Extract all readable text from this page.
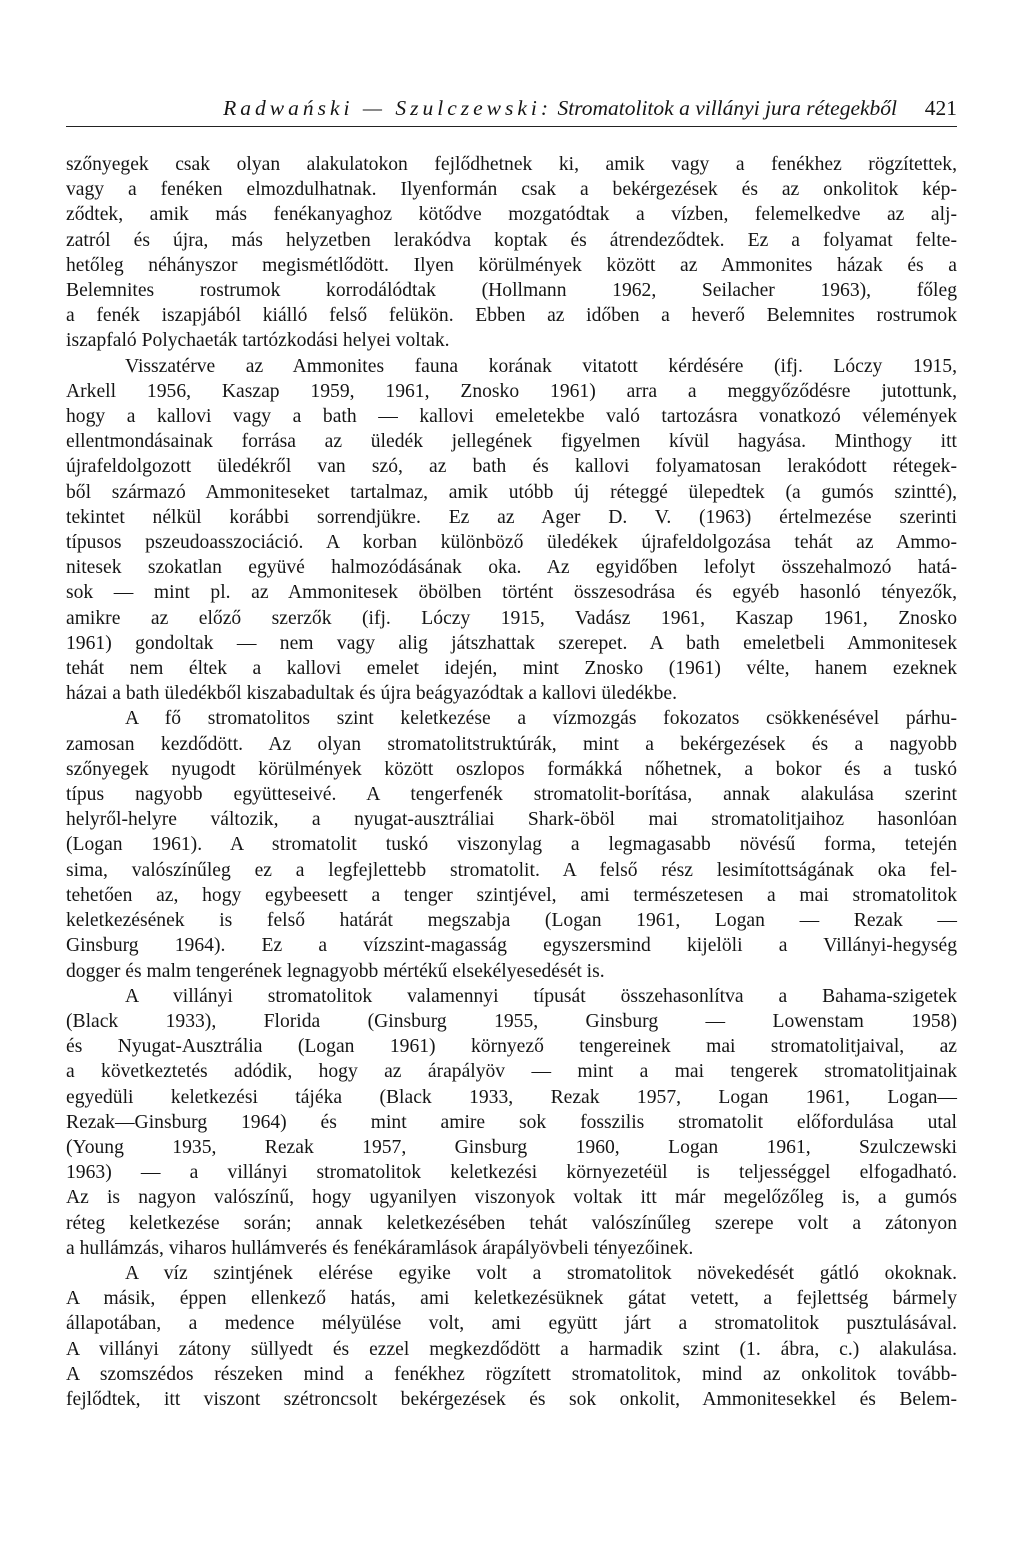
Radwański — Szulczewski: Stromatolitok a villányi jura rétegekből 421

szőnyegek csak olyan alakulatokon fejlődhetnek ki, amik vagy a fenékhez rögzítettek,
vagy a fenéken elmozdulhatnak. Ilyenformán csak a bekérgezések és az onkolitok kép-
ződtek, amik más fenékanyaghoz kötődve mozgatódtak a vízben, felemelkedve az alj-
zatról és újra, más helyzetben lerakódva koptak és átrendeződtek. Ez a folyamat felte-
hetőleg néhányszor megismétlődött. Ilyen körülmények között az Ammonites házak és a
Belemnites rostrumok korrodálódtak (Hollmann 1962, Seilacher 1963), főleg
a fenék iszapjából kiálló felső felükön. Ebben az időben a heverő Belemnites rostrumok
iszapfaló Polychaeták tartózkodási helyei voltak.

Visszatérve az Ammonites fauna korának vitatott kérdésére (ifj. Lóczy 1915,
Arkell 1956, Kaszap 1959, 1961, Znosko 1961) arra a meggyőződésre jutottunk,
hogy a kallovi vagy a bath — kallovi emeletekbe való tartozásra vonatkozó vélemények
ellentmondásainak forrása az üledék jellegének figyelmen kívül hagyása. Minthogy itt
újrafeldolgozott üledékről van szó, az bath és kallovi folyamatosan lerakódott rétegek-
ből származó Ammoniteseket tartalmaz, amik utóbb új réteggé ülepedtek (a gumós szintté),
tekintet nélkül korábbi sorrendjükre. Ez az Ager D. V. (1963) értelmezése szerinti
típusos pszeudoasszociáció. A korban különböző üledékek újrafeldolgozása tehát az Ammo-
nitesek szokatlan együvé halmozódásának oka. Az egyidőben lefolyt összehalmozó hatá-
sok — mint pl. az Ammonitesek öbölben történt összesodrása és egyéb hasonló tényezők,
amikre az előző szerzők (ifj. Lóczy 1915, Vadász 1961, Kaszap 1961, Znosko
1961) gondoltak — nem vagy alig játszhattak szerepet. A bath emeletbeli Ammonitesek
tehát nem éltek a kallovi emelet idején, mint Znosko (1961) vélte, hanem ezeknek
házai a bath üledékből kiszabadultak és újra beágyazódtak a kallovi üledékbe.

A fő stromatolitos szint keletkezése a vízmozgás fokozatos csökkenésével párhu-
zamosan kezdődött. Az olyan stromatolitstruktúrák, mint a bekérgezések és a nagyobb
szőnyegek nyugodt körülmények között oszlopos formákká nőhetnek, a bokor és a tuskó
típus nagyobb együtteseivé. A tengerfenék stromatolit-borítása, annak alakulása szerint
helyről-helyre változik, a nyugat-ausztráliai Shark-öböl mai stromatolitjaihoz hasonlóan
(Logan 1961). A stromatolit tuskó viszonylag a legmagasabb növésű forma, tetején
sima, valószínűleg ez a legfejlettebb stromatolit. A felső rész lesimítottságának oka fel-
tehetően az, hogy egybeesett a tenger szintjével, ami természetesen a mai stromatolitok
keletkezésének is felső határát megszabja (Logan 1961, Logan — Rezak —
Ginsburg 1964). Ez a vízszint-magasság egyszersmind kijelöli a Villányi-hegység
dogger és malm tengerének legnagyobb mértékű elsekélyesedését is.

A villányi stromatolitok valamennyi típusát összehasonlítva a Bahama-szigetek
(Black 1933), Florida (Ginsburg 1955, Ginsburg — Lowenstam 1958)
és Nyugat-Ausztrália (Logan 1961) környező tengereinek mai stromatolitjaival, az
a következtetés adódik, hogy az árapályöv — mint a mai tengerek stromatolitjainak
egyedüli keletkezési tájéka (Black 1933, Rezak 1957, Logan 1961, Logan—
Rezak—Ginsburg 1964) és mint amire sok fosszilis stromatolit előfordulása utal
(Young 1935, Rezak 1957, Ginsburg 1960, Logan 1961, Szulczewski
1963) — a villányi stromatolitok keletkezési környezetéül is teljességgel elfogadható.
Az is nagyon valószínű, hogy ugyanilyen viszonyok voltak itt már megelőzőleg is, a gumós
réteg keletkezése során; annak keletkezésében tehát valószínűleg szerepe volt a zátonyon
a hullámzás, viharos hullámverés és fenékáramlások árapályövbeli tényezőinek.

A víz szintjének elérése egyike volt a stromatolitok növekedését gátló okoknak.
A másik, éppen ellenkező hatás, ami keletkezésüknek gátat vetett, a fejlettség bármely
állapotában, a medence mélyülése volt, ami együtt járt a stromatolitok pusztulásával.
A villányi zátony süllyedt és ezzel megkezdődött a harmadik szint (1. ábra, c.) alakulása.
A szomszédos részeken mind a fenékhez rögzített stromatolitok, mind az onkolitok tovább-
fejlődtek, itt viszont szétroncsolt bekérgezések és sok onkolit, Ammonitesekkel és Belem-
